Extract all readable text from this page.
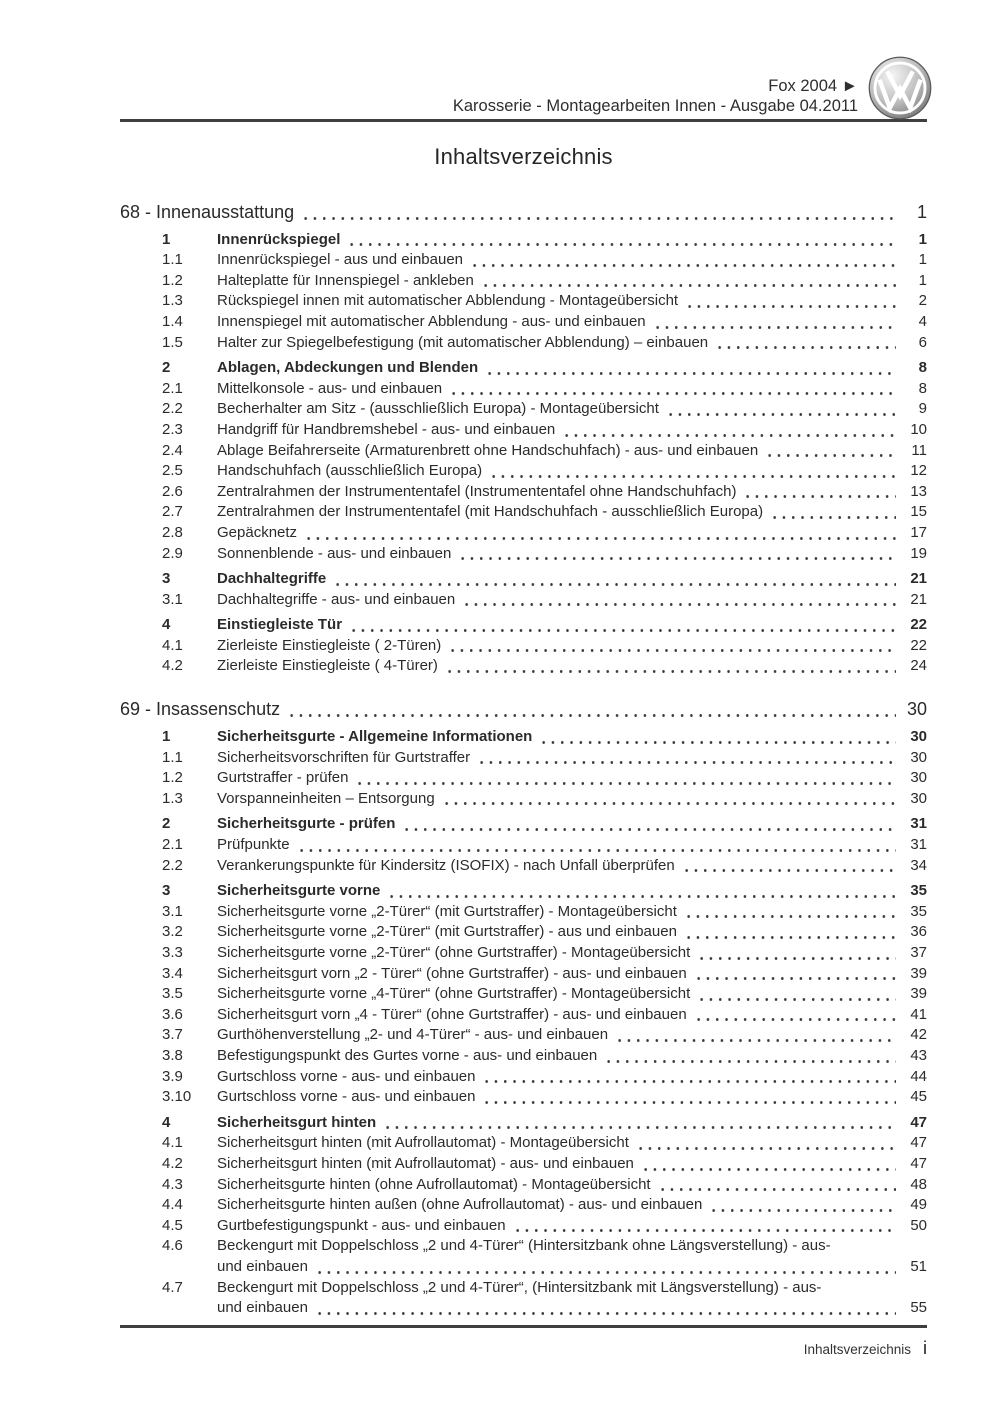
Fox 2004 ►
Karosserie - Montagearbeiten Innen - Ausgabe 04.2011
Inhaltsverzeichnis
68 - Innenausstattung	1
1	Innenrückspiegel	1
1.1	Innenrückspiegel - aus und einbauen	1
1.2	Halteplatte für Innenspiegel - ankleben	1
1.3	Rückspiegel innen mit automatischer Abblendung - Montageübersicht	2
1.4	Innenspiegel mit automatischer Abblendung - aus- und einbauen	4
1.5	Halter zur Spiegelbefestigung (mit automatischer Abblendung) – einbauen	6
2	Ablagen, Abdeckungen und Blenden	8
2.1	Mittelkonsole - aus- und einbauen	8
2.2	Becherhalter am Sitz - (ausschließlich Europa) - Montageübersicht	9
2.3	Handgriff für Handbremshebel - aus- und einbauen	10
2.4	Ablage Beifahrerseite (Armaturenbrett ohne Handschuhfach) - aus- und einbauen	11
2.5	Handschuhfach (ausschließlich Europa)	12
2.6	Zentralrahmen der Instrumententafel (Instrumententafel ohne Handschuhfach)	13
2.7	Zentralrahmen der Instrumententafel (mit Handschuhfach - ausschließlich Europa)	15
2.8	Gepäcknetz	17
2.9	Sonnenblende - aus- und einbauen	19
3	Dachhaltegriffe	21
3.1	Dachhaltegriffe - aus- und einbauen	21
4	Einstiegleiste Tür	22
4.1	Zierleiste Einstiegleiste ( 2-Türen)	22
4.2	Zierleiste Einstiegleiste ( 4-Türer)	24
69 - Insassenschutz	30
1	Sicherheitsgurte - Allgemeine Informationen	30
1.1	Sicherheitsvorschriften für Gurtstraffer	30
1.2	Gurtstraffer - prüfen	30
1.3	Vorspanneinheiten – Entsorgung	30
2	Sicherheitsgurte - prüfen	31
2.1	Prüfpunkte	31
2.2	Verankerungspunkte für Kindersitz (ISOFIX) - nach Unfall überprüfen	34
3	Sicherheitsgurte vorne	35
3.1	Sicherheitsgurte vorne „2-Türer“ (mit Gurtstraffer) - Montageübersicht	35
3.2	Sicherheitsgurte vorne „2-Türer“ (mit Gurtstraffer) - aus und einbauen	36
3.3	Sicherheitsgurte vorne „2-Türer“ (ohne Gurtstraffer) - Montageübersicht	37
3.4	Sicherheitsgurt vorn „2 - Türer“ (ohne Gurtstraffer) - aus- und einbauen	39
3.5	Sicherheitsgurte vorne „4-Türer“ (ohne Gurtstraffer) - Montageübersicht	39
3.6	Sicherheitsgurt vorn „4 - Türer“ (ohne Gurtstraffer) - aus- und einbauen	41
3.7	Gurthöhenverstellung „2- und 4-Türer“ - aus- und einbauen	42
3.8	Befestigungspunkt des Gurtes vorne - aus- und einbauen	43
3.9	Gurtschloss vorne - aus- und einbauen	44
3.10	Gurtschloss vorne - aus- und einbauen	45
4	Sicherheitsgurt hinten	47
4.1	Sicherheitsgurt hinten (mit Aufrollautomat) - Montageübersicht	47
4.2	Sicherheitsgurt hinten (mit Aufrollautomat) - aus- und einbauen	47
4.3	Sicherheitsgurte hinten (ohne Aufrollautomat) - Montageübersicht	48
4.4	Sicherheitsgurte hinten außen (ohne Aufrollautomat) - aus- und einbauen	49
4.5	Gurtbefestigungspunkt - aus- und einbauen	50
4.6	Beckengurt mit Doppelschloss „2 und 4-Türer“ (Hintersitzbank ohne Längsverstellung) - aus-
und einbauen	51
4.7	Beckengurt mit Doppelschloss „2 und 4-Türer“, (Hintersitzbank mit Längsverstellung) - aus-
und einbauen	55
Inhaltsverzeichnis i
